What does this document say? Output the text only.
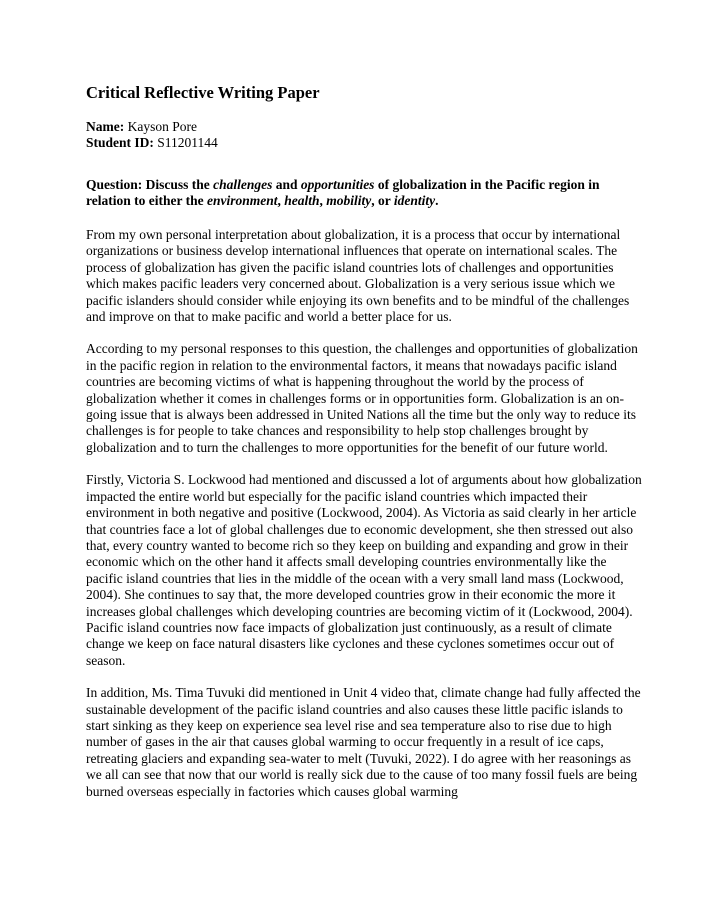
Critical Reflective Writing Paper

Name: Kayson Pore

Student ID: S11201144

Question: Discuss the challenges and opportunities of globalization in the Pacific region in relation to either the environment, health, mobility, or identity.

From my own personal interpretation about globalization, it is a process that occur by international organizations or business develop international influences that operate on international scales. The process of globalization has given the pacific island countries lots of challenges and opportunities which makes pacific leaders very concerned about. Globalization is a very serious issue which we pacific islanders should consider while enjoying its own benefits and to be mindful of the challenges and improve on that to make pacific and world a better place for us.

According to my personal responses to this question, the challenges and opportunities of globalization in the pacific region in relation to the environmental factors, it means that nowadays pacific island countries are becoming victims of what is happening throughout the world by the process of globalization whether it comes in challenges forms or in opportunities form. Globalization is an on-going issue that is always been addressed in United Nations all the time but the only way to reduce its challenges is for people to take chances and responsibility to help stop challenges brought by globalization and to turn the challenges to more opportunities for the benefit of our future world.

Firstly, Victoria S. Lockwood had mentioned and discussed a lot of arguments about how globalization impacted the entire world but especially for the pacific island countries which impacted their environment in both negative and positive (Lockwood, 2004). As Victoria as said clearly in her article that countries face a lot of global challenges due to economic development, she then stressed out also that, every country wanted to become rich so they keep on building and expanding and grow in their economic which on the other hand it affects small developing countries environmentally like the pacific island countries that lies in the middle of the ocean with a very small land mass (Lockwood, 2004). She continues to say that, the more developed countries grow in their economic the more it increases global challenges which developing countries are becoming victim of it (Lockwood, 2004). Pacific island countries now face impacts of globalization just continuously, as a result of climate change we keep on face natural disasters like cyclones and these cyclones sometimes occur out of season.

In addition, Ms. Tima Tuvuki did mentioned in Unit 4 video that, climate change had fully affected the sustainable development of the pacific island countries and also causes these little pacific islands to start sinking as they keep on experience sea level rise and sea temperature also to rise due to high number of gases in the air that causes global warming to occur frequently in a result of ice caps, retreating glaciers and expanding sea-water to melt (Tuvuki, 2022). I do agree with her reasonings as we all can see that now that our world is really sick due to the cause of too many fossil fuels are being burned overseas especially in factories which causes global warming
